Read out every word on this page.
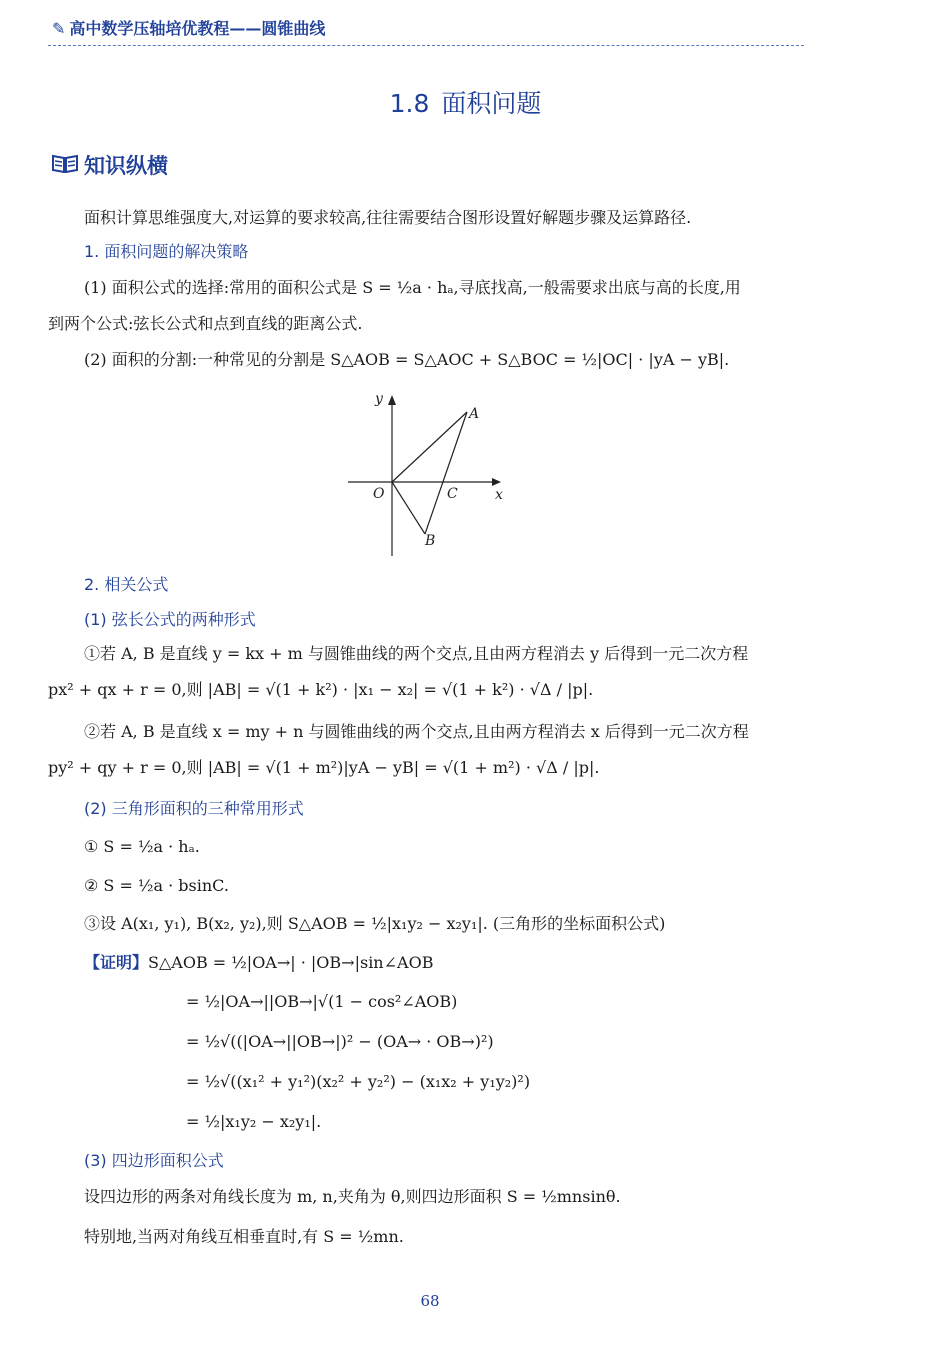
✎ 高中数学压轴培优教程——圆锥曲线
1.8 面积问题
知识纵横
面积计算思维强度大,对运算的要求较高,往往需要结合图形设置好解题步骤及运算路径.
1. 面积问题的解决策略
(1) 面积公式的选择:常用的面积公式是 S = ½a · hₐ,寻底找高,一般需要求出底与高的长度,用
到两个公式:弦长公式和点到直线的距离公式.
(2) 面积的分割:一种常见的分割是 S△AOB = S△AOC + S△BOC = ½|OC| · |yA − yB|.
y
x
O
A
C
B
2. 相关公式
(1) 弦长公式的两种形式
①若 A, B 是直线 y = kx + m 与圆锥曲线的两个交点,且由两方程消去 y 后得到一元二次方程
px² + qx + r = 0,则 |AB| = √(1 + k²) · |x₁ − x₂| = √(1 + k²) · √Δ / |p|.
②若 A, B 是直线 x = my + n 与圆锥曲线的两个交点,且由两方程消去 x 后得到一元二次方程
py² + qy + r = 0,则 |AB| = √(1 + m²)|yA − yB| = √(1 + m²) · √Δ / |p|.
(2) 三角形面积的三种常用形式
① S = ½a · hₐ.
② S = ½a · bsinC.
③设 A(x₁, y₁), B(x₂, y₂),则 S△AOB = ½|x₁y₂ − x₂y₁|. (三角形的坐标面积公式)
【证明】S△AOB = ½|OA→| · |OB→|sin∠AOB
= ½|OA→||OB→|√(1 − cos²∠AOB)
= ½√((|OA→||OB→|)² − (OA→ · OB→)²)
= ½√((x₁² + y₁²)(x₂² + y₂²) − (x₁x₂ + y₁y₂)²)
= ½|x₁y₂ − x₂y₁|.
(3) 四边形面积公式
设四边形的两条对角线长度为 m, n,夹角为 θ,则四边形面积 S = ½mnsinθ.
特别地,当两对角线互相垂直时,有 S = ½mn.
68
